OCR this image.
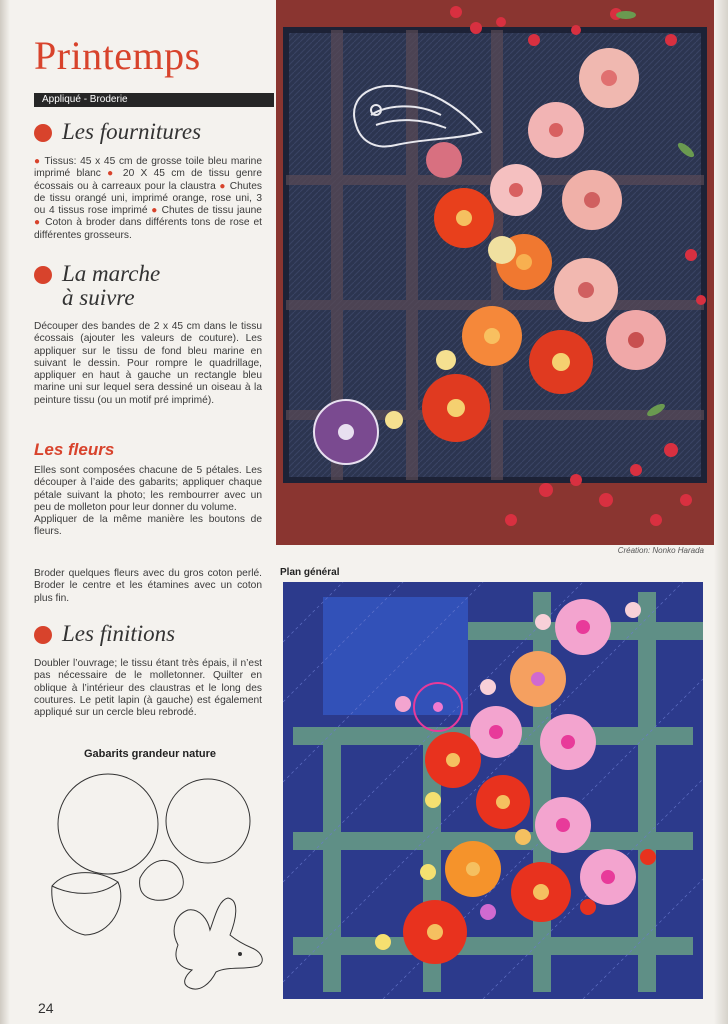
Printemps
Appliqué - Broderie
Les fournitures
● Tissus: 45 x 45 cm de grosse toile bleu marine imprimé blanc ● 20 X 45 cm de tissu genre écossais ou à carreaux pour la claustra ● Chutes de tissu orangé uni, imprimé orange, rose uni, 3 ou 4 tissus rose imprimé ● Chutes de tissu jaune ● Coton à broder dans différents tons de rose et différentes grosseurs.
La marche
à suivre
Découper des bandes de 2 x 45 cm dans le tissu écossais (ajouter les valeurs de couture). Les appliquer sur le tissu de fond bleu marine en suivant le dessin. Pour rompre le quadrillage, appliquer en haut à gauche un rectangle bleu marine uni sur lequel sera dessiné un oiseau à la peinture tissu (ou un motif pré imprimé).
Les fleurs
Elles sont composées chacune de 5 pétales. Les découper à l’aide des gabarits; appliquer chaque pétale suivant la photo; les rembourrer avec un peu de molleton pour leur donner du volume.
Appliquer de la même manière les boutons de fleurs.
Broder quelques fleurs avec du gros coton perlé. Broder le centre et les étamines avec un coton plus fin.
Les finitions
Doubler l’ouvrage; le tissu étant très épais, il n’est pas nécessaire de le molletonner. Quilter en oblique à l’intérieur des claustras et le long des coutures. Le petit lapin (à gauche) est également appliqué sur un cercle bleu rebrodé.
Gabarits grandeur nature
Création: Nonko Harada
Plan général
24
